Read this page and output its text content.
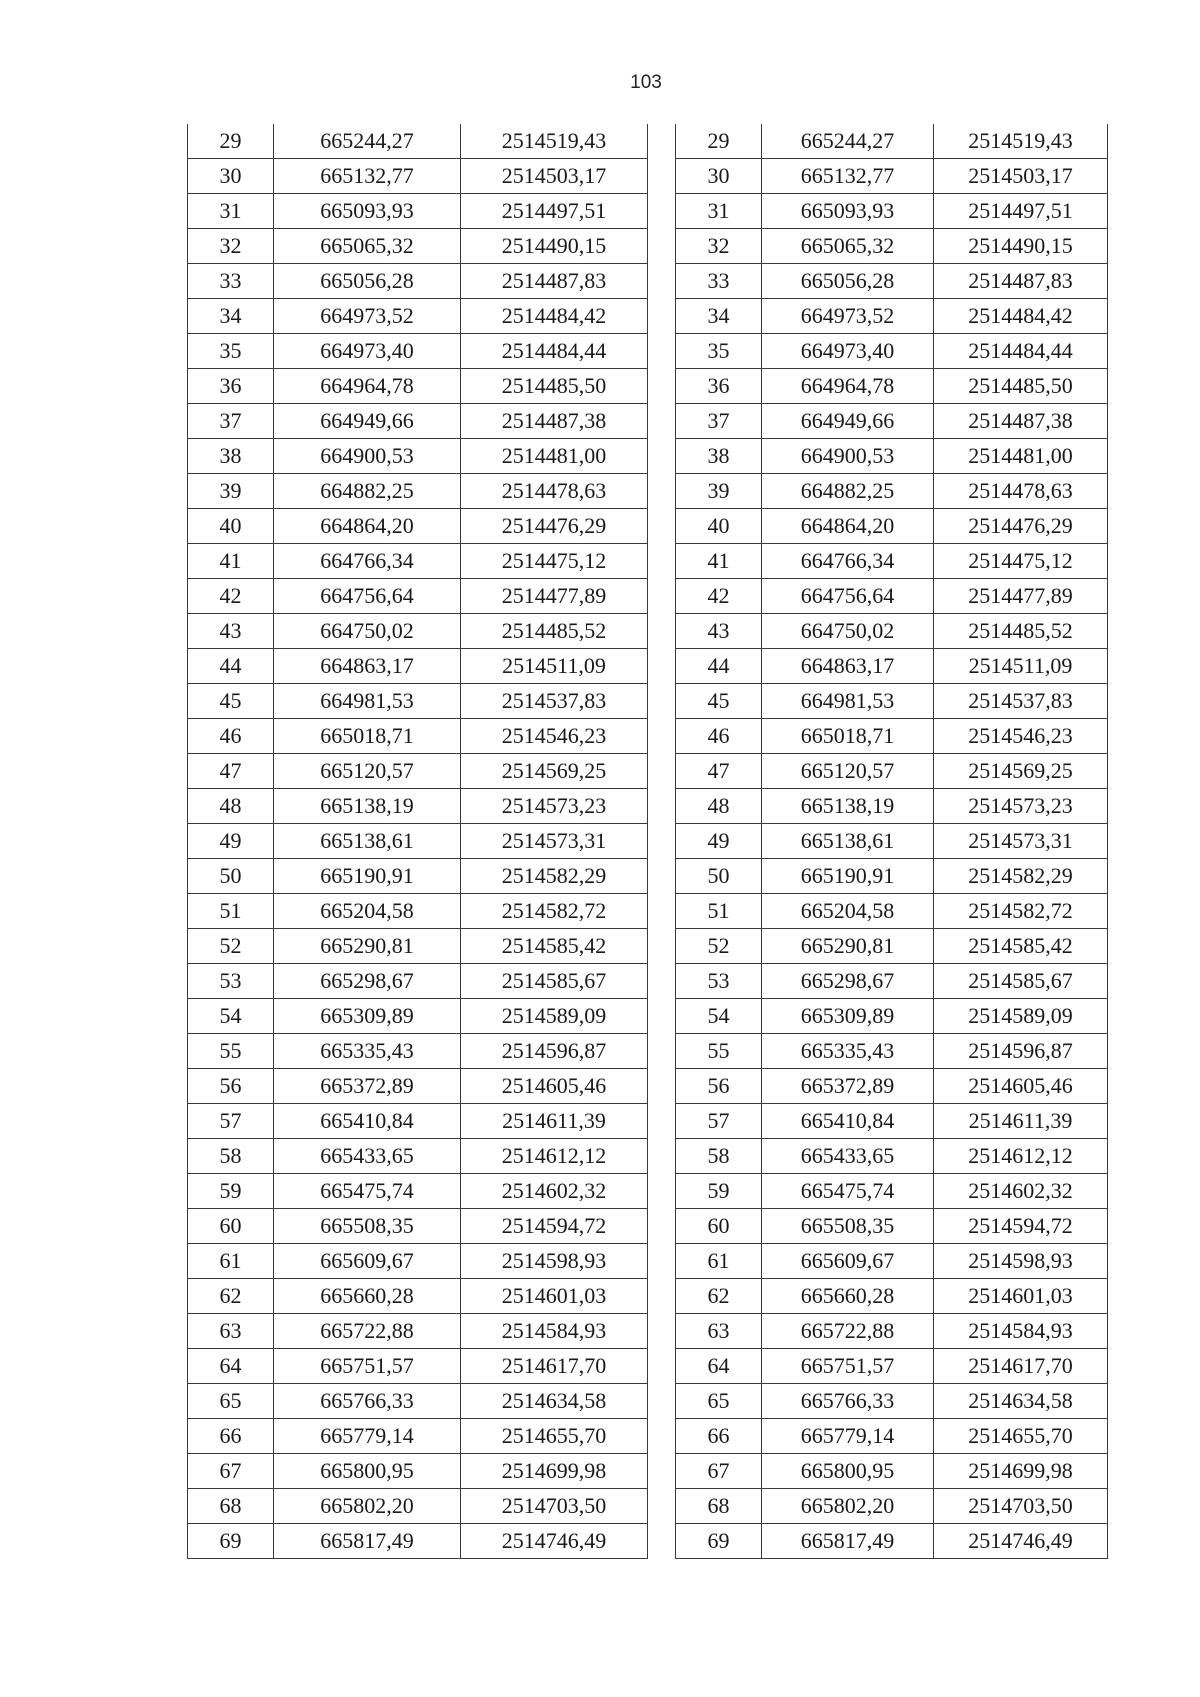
103
29	665244,27	2514519,43
30	665132,77	2514503,17
31	665093,93	2514497,51
32	665065,32	2514490,15
33	665056,28	2514487,83
34	664973,52	2514484,42
35	664973,40	2514484,44
36	664964,78	2514485,50
37	664949,66	2514487,38
38	664900,53	2514481,00
39	664882,25	2514478,63
40	664864,20	2514476,29
41	664766,34	2514475,12
42	664756,64	2514477,89
43	664750,02	2514485,52
44	664863,17	2514511,09
45	664981,53	2514537,83
46	665018,71	2514546,23
47	665120,57	2514569,25
48	665138,19	2514573,23
49	665138,61	2514573,31
50	665190,91	2514582,29
51	665204,58	2514582,72
52	665290,81	2514585,42
53	665298,67	2514585,67
54	665309,89	2514589,09
55	665335,43	2514596,87
56	665372,89	2514605,46
57	665410,84	2514611,39
58	665433,65	2514612,12
59	665475,74	2514602,32
60	665508,35	2514594,72
61	665609,67	2514598,93
62	665660,28	2514601,03
63	665722,88	2514584,93
64	665751,57	2514617,70
65	665766,33	2514634,58
66	665779,14	2514655,70
67	665800,95	2514699,98
68	665802,20	2514703,50
69	665817,49	2514746,49
29	665244,27	2514519,43
30	665132,77	2514503,17
31	665093,93	2514497,51
32	665065,32	2514490,15
33	665056,28	2514487,83
34	664973,52	2514484,42
35	664973,40	2514484,44
36	664964,78	2514485,50
37	664949,66	2514487,38
38	664900,53	2514481,00
39	664882,25	2514478,63
40	664864,20	2514476,29
41	664766,34	2514475,12
42	664756,64	2514477,89
43	664750,02	2514485,52
44	664863,17	2514511,09
45	664981,53	2514537,83
46	665018,71	2514546,23
47	665120,57	2514569,25
48	665138,19	2514573,23
49	665138,61	2514573,31
50	665190,91	2514582,29
51	665204,58	2514582,72
52	665290,81	2514585,42
53	665298,67	2514585,67
54	665309,89	2514589,09
55	665335,43	2514596,87
56	665372,89	2514605,46
57	665410,84	2514611,39
58	665433,65	2514612,12
59	665475,74	2514602,32
60	665508,35	2514594,72
61	665609,67	2514598,93
62	665660,28	2514601,03
63	665722,88	2514584,93
64	665751,57	2514617,70
65	665766,33	2514634,58
66	665779,14	2514655,70
67	665800,95	2514699,98
68	665802,20	2514703,50
69	665817,49	2514746,49
